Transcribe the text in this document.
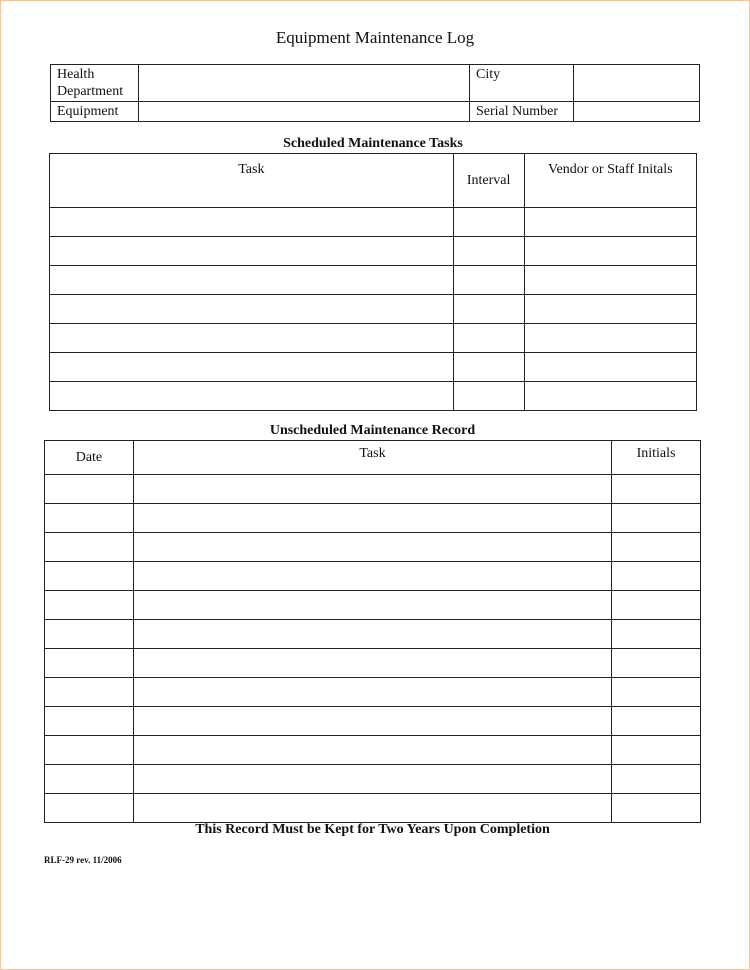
Equipment Maintenance Log
Health Department		City	
Equipment		Serial Number	
Scheduled Maintenance Tasks
Task	Interval	Vendor or Staff Initals

Unscheduled Maintenance Record
Date	Task	Initials

This Record Must be Kept for Two Years Upon Completion
RLF-29 rev. 11/2006
